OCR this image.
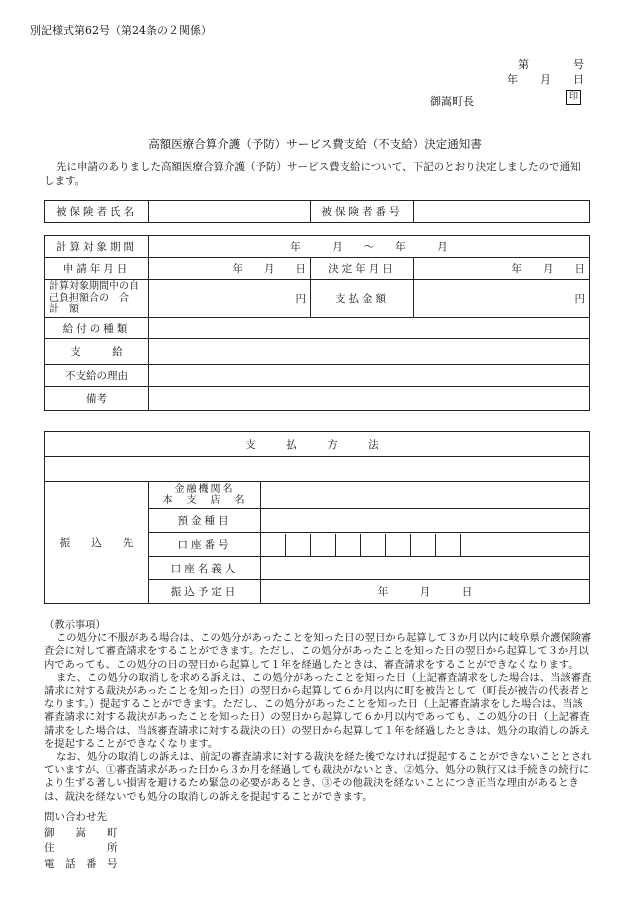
別記様式第62号（第24条の２関係）
第　　　　号
年　　月　　日
御嵩町長	印
高額医療合算介護（予防）サービス費支給（不支給）決定通知書
先に申請のありました高額医療合算介護（予防）サービス費支給について、下記のとおり決定しましたので通知します。
被保険者氏名		被保険者番号	
計算対象期間	年　　　月　　〜　　年　　　月		
申請年月日	年　　月　　日	決定年月日	年　　月　　日
計算対象期間中の自己負担額合の　合　計　額	円	支払金額	円
給付の種類			
支　　　給			
不支給の理由			
備考			
支　払　方　法		

振　　込　　先	金融機関名
本　支　店　名	

	預金種目	
	口座番号	

	口座名義人	
	振込予定日	年　　　月　　　日

（教示事項）

この処分に不服がある場合は、この処分があったことを知った日の翌日から起算して３か月以内に岐阜県介護保険審査会に対して審査請求をすることができます。ただし、この処分があったことを知った日の翌日から起算して３か月以内であっても、この処分の日の翌日から起算して１年を経過したときは、審査請求をすることができなくなります。

また、この処分の取消しを求める訴えは、この処分があったことを知った日（上記審査請求をした場合は、当該審査請求に対する裁決があったことを知った日）の翌日から起算して６か月以内に町を被告として（町長が被告の代表者となります。）提起することができます。ただし、この処分があったことを知った日（上記審査請求をした場合は、当該審査請求に対する裁決があったことを知った日）の翌日から起算して６か月以内であっても、この処分の日（上記審査請求をした場合は、当該審査請求に対する裁決の日）の翌日から起算して１年を経過したときは、処分の取消しの訴えを提起することができなくなります。

なお、処分の取消しの訴えは、前記の審査請求に対する裁決を経た後でなければ提起することができないこととされていますが、①審査請求があった日から３か月を経過しても裁決がないとき、②処分、処分の執行又は手続きの続行により生ずる著しい損害を避けるため緊急の必要があるとき、③その他裁決を経ないことにつき正当な理由があるときは、裁決を経ないでも処分の取消しの訴えを提起することができます。

問い合わせ先
御　　嵩　　町
住　　　　　所
電　話　番　号
